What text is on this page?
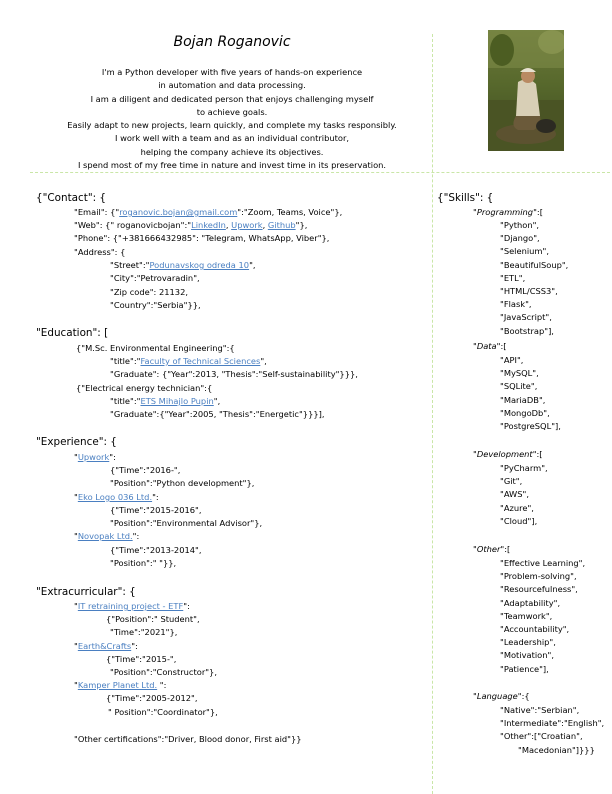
Bojan Roganovic
I'm a Python developer with five years of hands-on experience
in automation and data processing.
I am a diligent and dedicated person that enjoys challenging myself
to achieve goals.
Easily adapt to new projects, learn quickly, and complete my tasks responsibly.
I work well with a team and as an individual contributor,
helping the company achieve its objectives.
I spend most of my free time in nature and invest time in its preservation.
{"Contact": {
"Email": {"roganovic.bojan@gmail.com":"Zoom, Teams, Voice"},
"Web": {" roganovicbojan":"LinkedIn, Upwork, Github"},
"Phone": {"+381666432985": "Telegram, WhatsApp, Viber"},
"Address": {
"Street":"Podunavskog odreda 10",
"City":"Petrovaradin",
"Zip code": 21132,
"Country":"Serbia"}},
"Education": [
{"M.Sc. Environmental Engineering":{
"title":"Faculty of Technical Sciences",
"Graduate": {"Year":2013, "Thesis":"Self-sustainability"}}},
{"Electrical energy technician":{
"title":"ETS Mihajlo Pupin",
"Graduate":{"Year":2005, "Thesis":"Energetic"}}}],
"Experience": {
"Upwork":
{"Time":"2016-",
"Position":"Python development"},
"Eko Logo 036 Ltd.":
{"Time":"2015-2016",
"Position":"Environmental Advisor"},
"Novopak Ltd.":
{"Time":"2013-2014",
"Position":" "}},
"Extracurricular": {
"IT retraining project - ETF":
{"Position":" Student",
"Time":"2021"},
"Earth&Crafts":
{"Time":"2015-",
"Position":"Constructor"},
"Kamper Planet Ltd. ":
{"Time":"2005-2012",
" Position":"Coordinator"},
"Other certifications":"Driver, Blood donor, First aid"}}
{"Skills": {
"Programming":[
"Python",
"Django",
"Selenium",
"BeautifulSoup",
"ETL",
"HTML/CSS3",
"Flask",
"JavaScript",
"Bootstrap"],
"Data":[
"API",
"MySQL",
"SQLite",
"MariaDB",
"MongoDb",
"PostgreSQL"],
"Development":[
"PyCharm",
"Git",
"AWS",
"Azure",
"Cloud"],
"Other":[
"Effective Learning",
"Problem-solving",
"Resourcefulness",
"Adaptability",
"Teamwork",
"Accountability",
"Leadership",
"Motivation",
"Patience"],
"Language":{
"Native":"Serbian",
"Intermediate":"English",
"Other":["Croatian",
"Macedonian"]}}}
